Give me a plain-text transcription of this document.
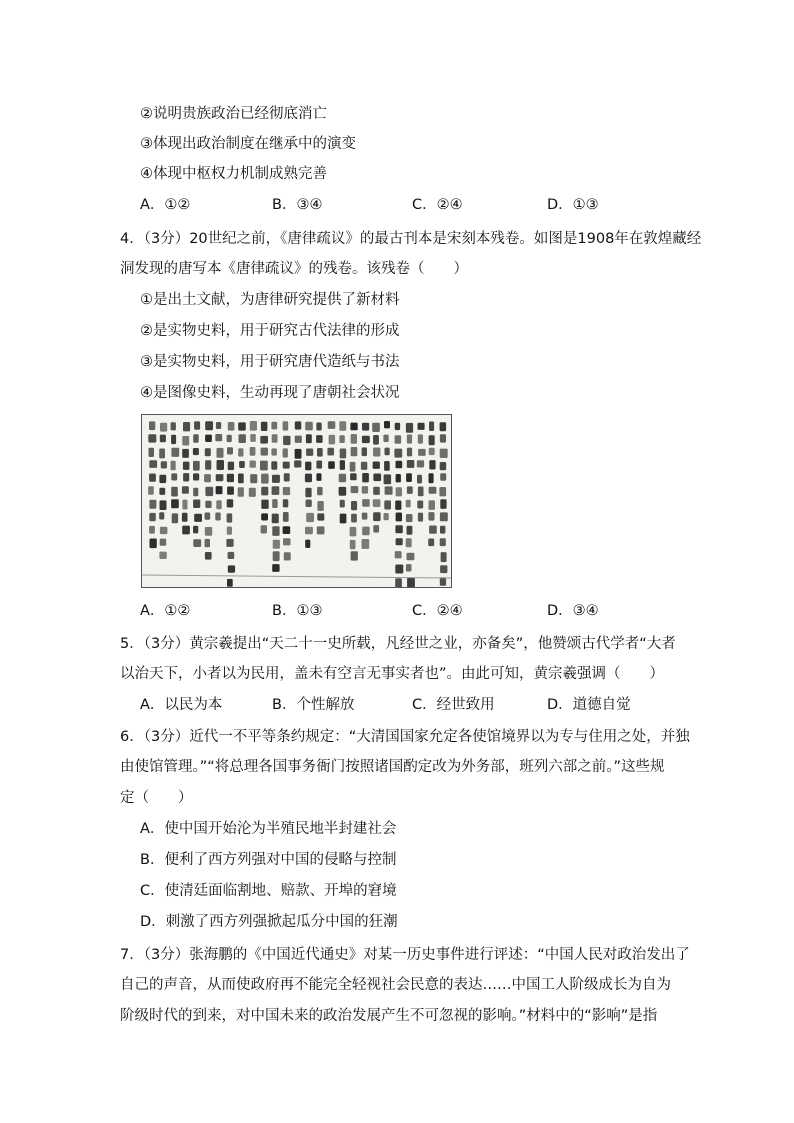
②说明贵族政治已经彻底消亡
③体现出政治制度在继承中的演变
④体现中枢权力机制成熟完善
A．①②	B．③④	C．②④	D．①③
4．（3分）20世纪之前，《唐律疏议》的最古刊本是宋刻本残卷。如图是1908年在敦煌藏经
洞发现的唐写本《唐律疏议》的残卷。该残卷（　　）
①是出土文献，为唐律研究提供了新材料
②是实物史料，用于研究古代法律的形成
③是实物史料，用于研究唐代造纸与书法
④是图像史料，生动再现了唐朝社会状况
A．①②	B．①③	C．②④	D．③④
5．（3分）黄宗羲提出“天二十一史所载，凡经世之业，亦备矣”，他赞颂古代学者“大者
以治天下，小者以为民用，盖未有空言无事实者也”。由此可知，黄宗羲强调（　　）
A．以民为本	B．个性解放	C．经世致用	D．道德自觉
6．（3分）近代一不平等条约规定：“大清国国家允定各使馆境界以为专与住用之处，并独
由使馆管理。”“将总理各国事务衙门按照诸国酌定改为外务部，班列六部之前。”这些规
定（　　）
A．使中国开始沦为半殖民地半封建社会
B．便利了西方列强对中国的侵略与控制
C．使清廷面临割地、赔款、开埠的窘境
D．刺激了西方列强掀起瓜分中国的狂潮
7．（3分）张海鹏的《中国近代通史》对某一历史事件进行评述：“中国人民对政治发出了
自己的声音，从而使政府再不能完全轻视社会民意的表达……中国工人阶级成长为自为
阶级时代的到来，对中国未来的政治发展产生不可忽视的影响。”材料中的“影响”是指
